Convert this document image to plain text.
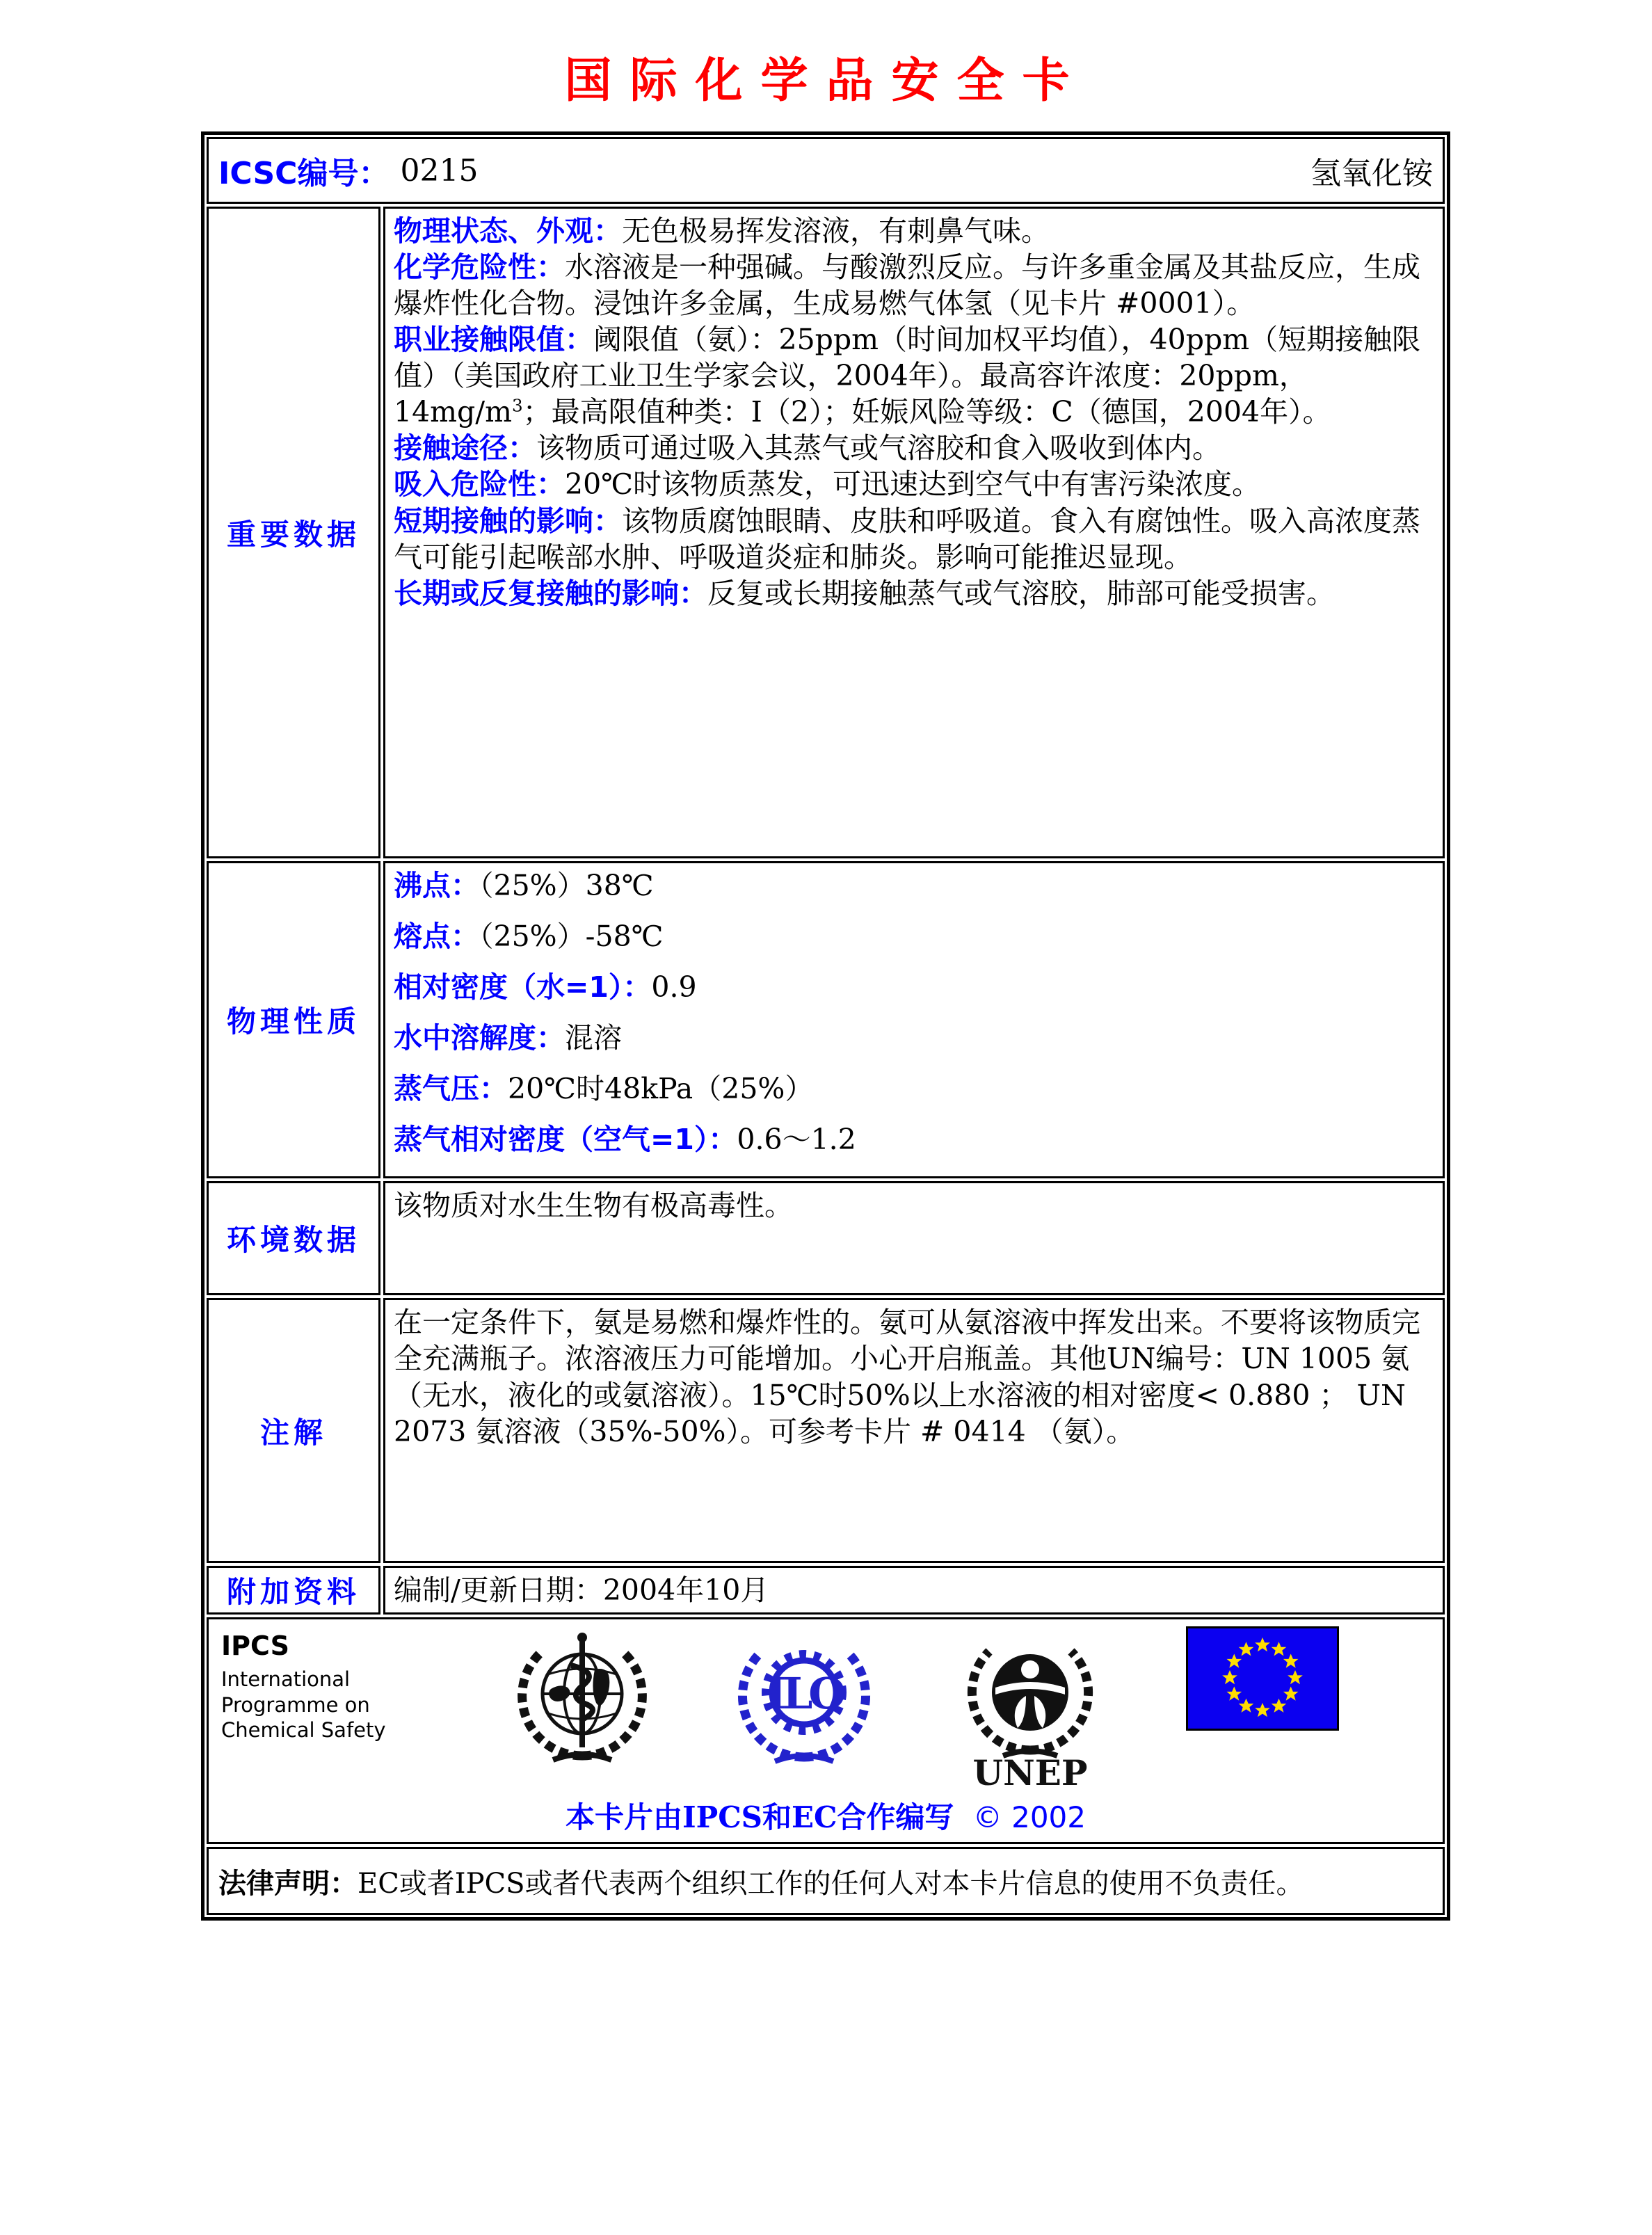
国际化学品安全卡
ICSC编号： 0215	氢氧化铵
重要数据

物理状态、外观：无色极易挥发溶液，有刺鼻气味。

化学危险性：水溶液是一种强碱。与酸激烈反应。与许多重金属及其盐反应，生成爆炸性化合物。浸蚀许多金属，生成易燃气体氢（见卡片 #0001）。

职业接触限值：阈限值（氨）：25ppm（时间加权平均值），40ppm（短期接触限值）（美国政府工业卫生学家会议，2004年）。最高容许浓度：20ppm，$14mg/m^3$；最高限值种类：I（2）；妊娠风险等级：C（德国，2004年）。

接触途径：该物质可通过吸入其蒸气或气溶胶和食入吸收到体内。

吸入危险性：20℃时该物质蒸发，可迅速达到空气中有害污染浓度。

短期接触的影响：该物质腐蚀眼睛、皮肤和呼吸道。食入有腐蚀性。吸入高浓度蒸气可能引起喉部水肿、呼吸道炎症和肺炎。影响可能推迟显现。

长期或反复接触的影响：反复或长期接触蒸气或气溶胶，肺部可能受损害。

物理性质

沸点：（25%）38℃

熔点：（25%）-58℃

相对密度（水=1）：0.9

水中溶解度：混溶

蒸气压：20℃时48kPa（25%）

蒸气相对密度（空气=1）：0.6～1.2

环境数据

该物质对水生生物有极高毒性。

注解

在一定条件下，氨是易燃和爆炸性的。氨可从氨溶液中挥发出来。不要将该物质完全充满瓶子。浓溶液压力可能增加。小心开启瓶盖。其他UN编号：UN 1005 氨（无水，液化的或氨溶液）。15℃时50%以上水溶液的相对密度< 0.880 ； UN 2073 氨溶液（35%-50%）。可参考卡片 # 0414 （氨）。

附加资料	编制/更新日期：2004年10月
IPCS
International
Programme on
Chemical Safety
ILO
UNEP
本卡片由IPCS和EC合作编写 © 2002
法律声明： EC或者IPCS或者代表两个组织工作的任何人对本卡片信息的使用不负责任。
